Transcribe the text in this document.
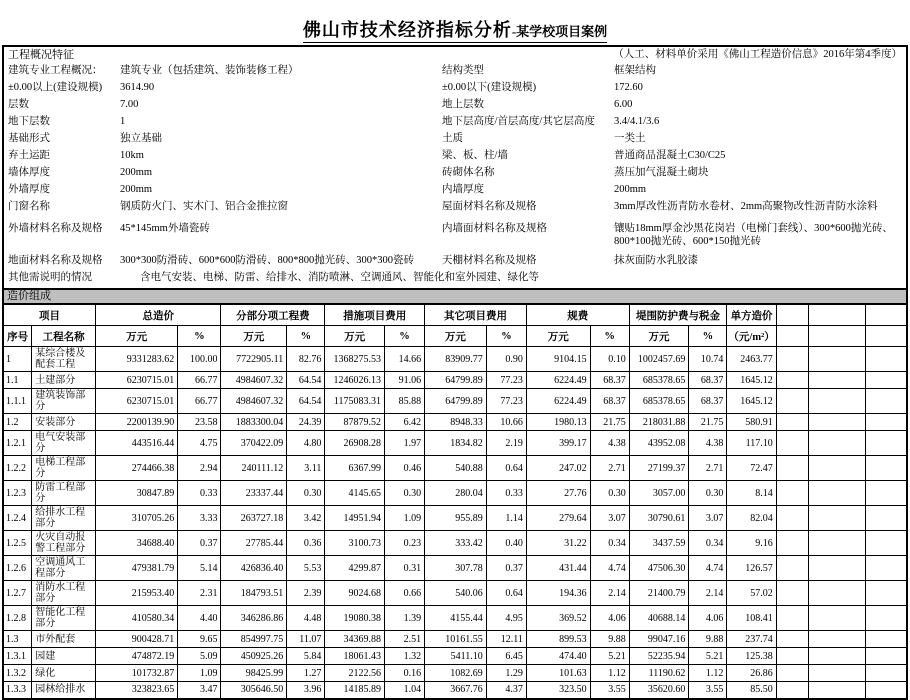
佛山市技术经济指标分析-某学校项目案例
工程概况特征	（人工、材料单价采用《佛山工程造价信息》2016年第4季度）
建筑专业工程概况：	建筑专业（包括建筑、装饰装修工程）	结构类型	框架结构
±0.00以上(建设规模)	3614.90	±0.00以下(建设规模)	172.60
层数	7.00	地上层数	6.00
地下层数	1	地下层高度/首层高度/其它层高度	3.4/4.1/3.6
基础形式	独立基础	土质	一类土
弃土运距	10km	梁、板、柱/墙	普通商品混凝土C30/C25
墙体厚度	200mm	砖砌体名称	蒸压加气混凝土砌块
外墙厚度	200mm	内墙厚度	200mm
门窗名称	钢质防火门、实木门、铝合金推拉窗	屋面材料名称及规格	3mm厚改性沥青防水卷材、2mm高聚物改性沥青防水涂料
外墙材料名称及规格	45*145mm外墙瓷砖	内墙面材料名称及规格	镶贴18mm厚金沙黑花岗岩（电梯门套线）、300*600抛光砖、800*100抛光砖、600*150抛光砖
地面材料名称及规格	300*300防滑砖、600*600防滑砖、800*800抛光砖、300*300瓷砖	天棚材料名称及规格	抹灰面防水乳胶漆
其他需说明的情况	含电气安装、电梯、防雷、给排水、消防喷淋、空调通风、智能化和室外园建、绿化等
造价组成
项目		总造价		分部分项工程费		措施项目费用		其它项目费用		规费		堤围防护费与税金		单方造价			
序号	工程名称	万元	%	万元	%	万元	%	万元	%	万元	%	万元	%	（元/m²）			
1	某综合楼及配套工程	9331283.62	100.00	7722905.11	82.76	1368275.53	14.66	83909.77	0.90	9104.15	0.10	1002457.69	10.74	2463.77			
1.1	土建部分	6230715.01	66.77	4984607.32	64.54	1246026.13	91.06	64799.89	77.23	6224.49	68.37	685378.65	68.37	1645.12			
1.1.1	建筑装饰部分	6230715.01	66.77	4984607.32	64.54	1175083.31	85.88	64799.89	77.23	6224.49	68.37	685378.65	68.37	1645.12			
1.2	安装部分	2200139.90	23.58	1883300.04	24.39	87879.52	6.42	8948.33	10.66	1980.13	21.75	218031.88	21.75	580.91			
1.2.1	电气安装部分	443516.44	4.75	370422.09	4.80	26908.28	1.97	1834.82	2.19	399.17	4.38	43952.08	4.38	117.10			
1.2.2	电梯工程部分	274466.38	2.94	240111.12	3.11	6367.99	0.46	540.88	0.64	247.02	2.71	27199.37	2.71	72.47			
1.2.3	防雷工程部分	30847.89	0.33	23337.44	0.30	4145.65	0.30	280.04	0.33	27.76	0.30	3057.00	0.30	8.14			
1.2.4	给排水工程部分	310705.26	3.33	263727.18	3.42	14951.94	1.09	955.89	1.14	279.64	3.07	30790.61	3.07	82.04			
1.2.5	火灾自动报警工程部分	34688.40	0.37	27785.44	0.36	3100.73	0.23	333.42	0.40	31.22	0.34	3437.59	0.34	9.16			
1.2.6	空调通风工程部分	479381.79	5.14	426836.40	5.53	4299.87	0.31	307.78	0.37	431.44	4.74	47506.30	4.74	126.57			
1.2.7	消防水工程部分	215953.40	2.31	184793.51	2.39	9024.68	0.66	540.06	0.64	194.36	2.14	21400.79	2.14	57.02			
1.2.8	智能化工程部分	410580.34	4.40	346286.86	4.48	19080.38	1.39	4155.44	4.95	369.52	4.06	40688.14	4.06	108.41			
1.3	市外配套	900428.71	9.65	854997.75	11.07	34369.88	2.51	10161.55	12.11	899.53	9.88	99047.16	9.88	237.74			
1.3.1	园建	474872.19	5.09	450925.26	5.84	18061.43	1.32	5411.10	6.45	474.40	5.21	52235.94	5.21	125.38			
1.3.2	绿化	101732.87	1.09	98425.99	1.27	2122.56	0.16	1082.69	1.29	101.63	1.12	11190.62	1.12	26.86			
1.3.3	园林给排水	323823.65	3.47	305646.50	3.96	14185.89	1.04	3667.76	4.37	323.50	3.55	35620.60	3.55	85.50			
